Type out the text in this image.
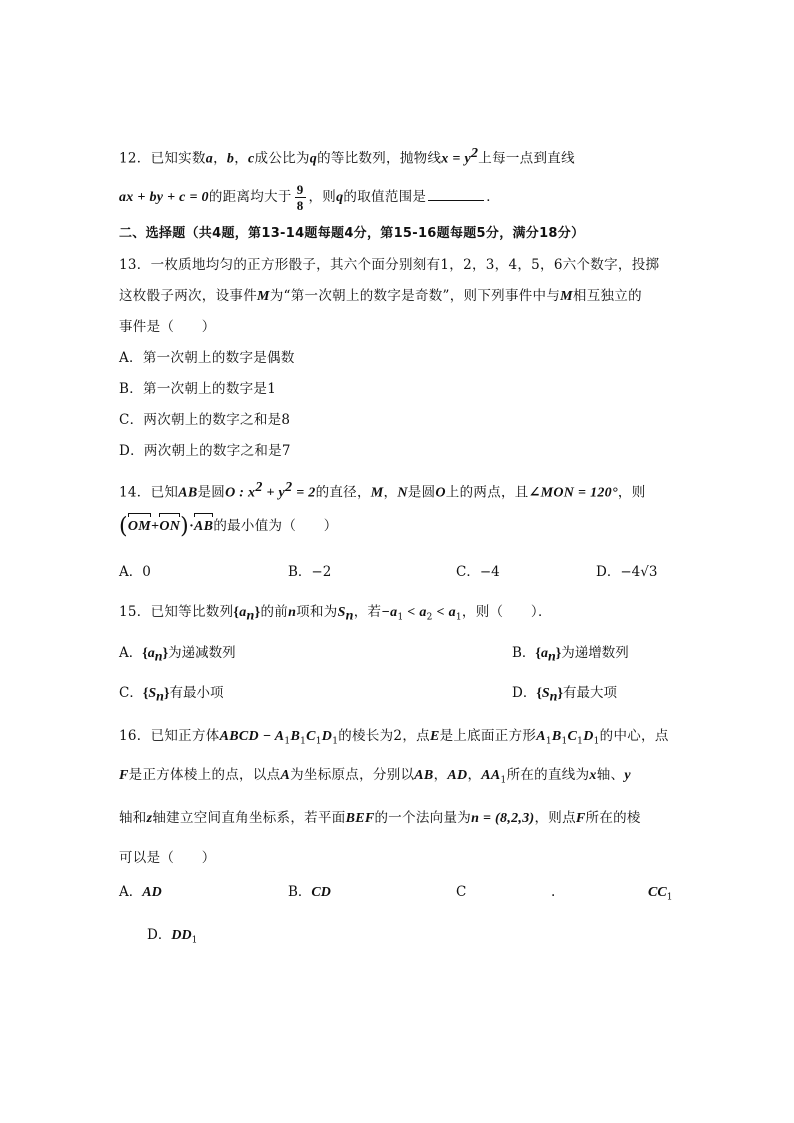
12．已知实数a，b，c成公比为q的等比数列，抛物线$x = y^2$上每一点到直线
ax + by + c = 0的距离均大于 $\frac{9}{8}$ ，则q的取值范围是	．
二、选择题（共4题，第13-14题每题4分，第15-16题每题5分，满分18分）
13．一枚质地均匀的正方形骰子，其六个面分别刻有1，2，3，4，5，6六个数字，投掷
这枚骰子两次，设事件M为“第一次朝上的数字是奇数”，则下列事件中与M相互独立的
事件是（　　）
A．第一次朝上的数字是偶数
B．第一次朝上的数字是1
C．两次朝上的数字之和是8
D．两次朝上的数字之和是7
14．已知AB是圆O : $x^2 + y^2 = 2$的直径，M，N是圆O上的两点，且∠MON = 120°，则
(OM+ON)·AB的最小值为（　　）
A．0	B．−2	C．−4	D．−4√3
15．已知等比数列$\{a_n\}$的前n项和为$S_n$，若$-a_1 < a_2 < a_1$，则（　　）．
A．$\{a_n\}$为递减数列	B．$\{a_n\}$为递增数列
C．$\{S_n\}$有最小项	D．$\{S_n\}$有最大项
16．已知正方体ABCD − $A_1B_1C_1D_1$的棱长为2，点E是上底面正方形$A_1B_1C_1D_1$的中心，点
F是正方体棱上的点，以点A为坐标原点，分别以AB，AD，$AA_1$所在的直线为x轴、y
轴和z轴建立空间直角坐标系，若平面BEF的一个法向量为n = (8,2,3)，则点F所在的棱
可以是（　　）
A．AD	B．CD	C	.	$CC_1$
D．$DD_1$
